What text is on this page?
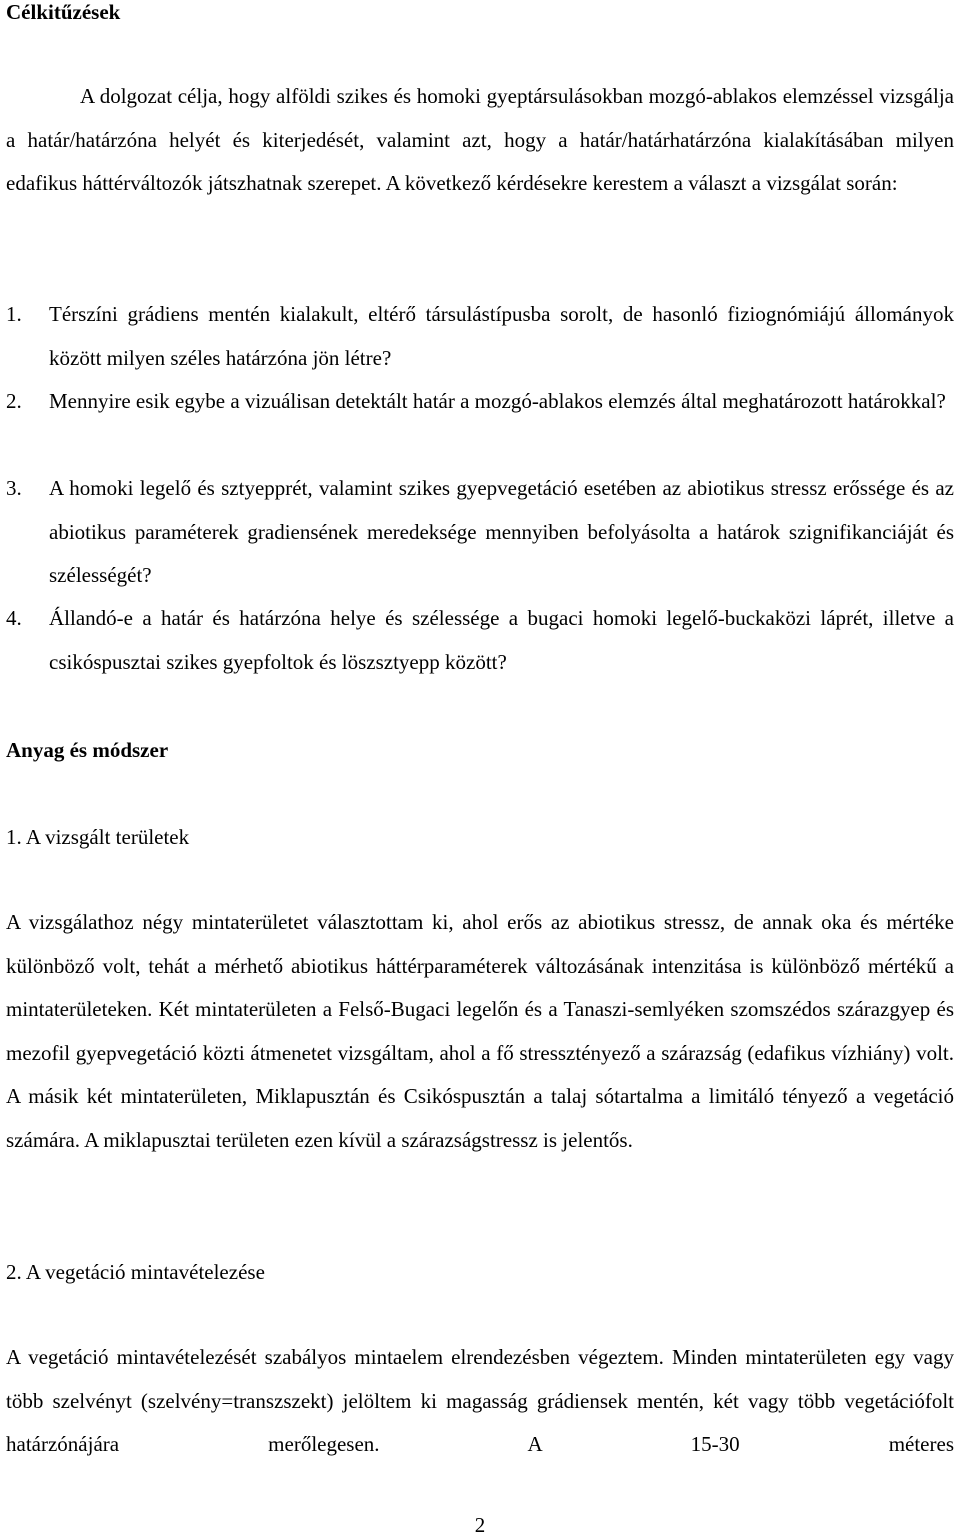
Célkitűzések

A dolgozat célja, hogy alföldi szikes és homoki gyeptársulásokban mozgó-ablakos elemzéssel vizsgálja a határ/határzóna helyét és kiterjedését, valamint azt, hogy a határ/határhatárzóna kialakításában milyen edafikus háttérváltozók játszhatnak szerepet. A következő kérdésekre kerestem a választ a vizsgálat során:

1. Térszíni grádiens mentén kialakult, eltérő társulástípusba sorolt, de hasonló fiziognómiájú állományok között milyen széles határzóna jön létre?
2. Mennyire esik egybe a vizuálisan detektált határ a mozgó-ablakos elemzés által meghatározott határokkal?
3. A homoki legelő és sztyepprét, valamint szikes gyepvegetáció esetében az abiotikus stressz erőssége és az abiotikus paraméterek gradiensének meredeksége mennyiben befolyásolta a határok szignifikanciáját és szélességét?
4. Állandó-e a határ és határzóna helye és szélessége a bugaci homoki legelő-buckaközi láprét, illetve a csikóspusztai szikes gyepfoltok és löszsztyepp között?
Anyag és módszer
1. A vizsgált területek

A vizsgálathoz négy mintaterületet választottam ki, ahol erős az abiotikus stressz, de annak oka és mértéke különböző volt, tehát a mérhető abiotikus háttérparaméterek változásának intenzitása is különböző mértékű a mintaterületeken. Két mintaterületen a Felső-Bugaci legelőn és a Tanaszi-semlyéken szomszédos szárazgyep és mezofil gyepvegetáció közti átmenetet vizsgáltam, ahol a fő stressztényező a szárazság (edafikus vízhiány) volt. A másik két mintaterületen, Miklapusztán és Csikóspusztán a talaj sótartalma a limitáló tényező a vegetáció számára. A miklapusztai területen ezen kívül a szárazságstressz is jelentős.

2. A vegetáció mintavételezése

A vegetáció mintavételezését szabályos mintaelem elrendezésben végeztem. Minden mintaterületen egy vagy több szelvényt (szelvény=transzszekt) jelöltem ki magasság grádiensek mentén, két vagy több vegetációfolt határzónájára merőlegesen. A 15-30 méteres

2
